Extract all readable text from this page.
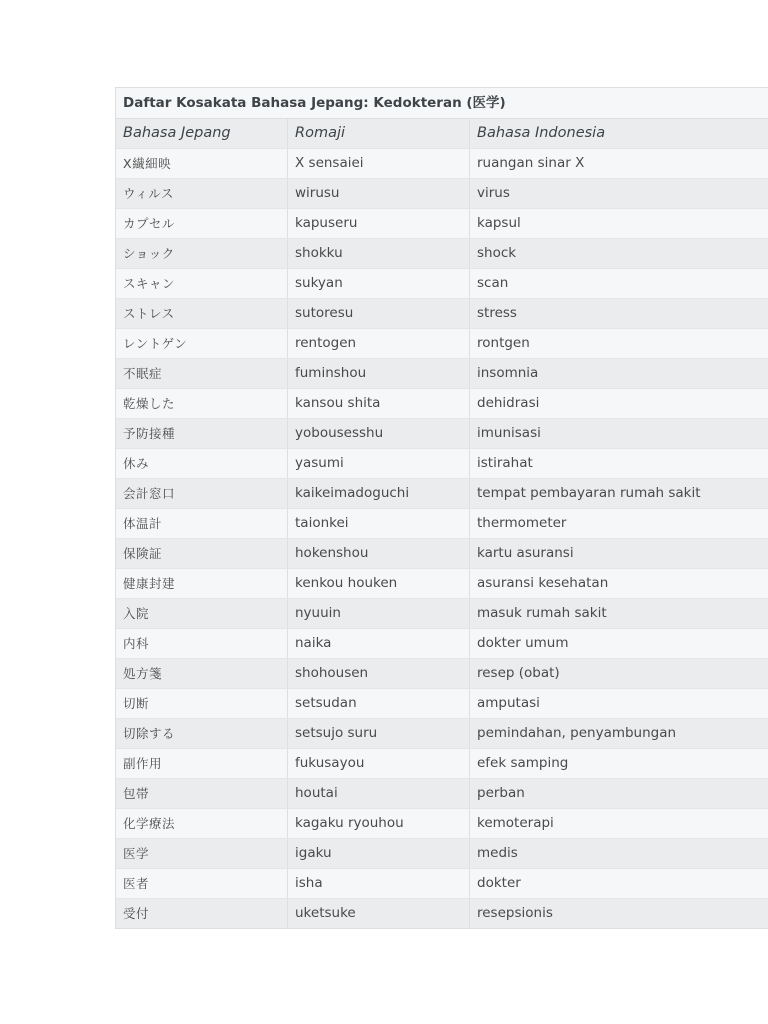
Daftar Kosakata Bahasa Jepang: Kedokteran (医学)
Bahasa Jepang	Romaji	Bahasa Indonesia
X繊細映	X sensaiei	ruangan sinar X
ウィルス	wirusu	virus
カプセル	kapuseru	kapsul
ショック	shokku	shock
スキャン	sukyan	scan
ストレス	sutoresu	stress
レントゲン	rentogen	rontgen
不眠症	fuminshou	insomnia
乾燥した	kansou shita	dehidrasi
予防接種	yobousesshu	imunisasi
休み	yasumi	istirahat
会計窓口	kaikeimadoguchi	tempat pembayaran rumah sakit
体温計	taionkei	thermometer
保険証	hokenshou	kartu asuransi
健康封建	kenkou houken	asuransi kesehatan
入院	nyuuin	masuk rumah sakit
内科	naika	dokter umum
処方箋	shohousen	resep (obat)
切断	setsudan	amputasi
切除する	setsujo suru	pemindahan, penyambungan
副作用	fukusayou	efek samping
包帯	houtai	perban
化学療法	kagaku ryouhou	kemoterapi
医学	igaku	medis
医者	isha	dokter
受付	uketsuke	resepsionis
